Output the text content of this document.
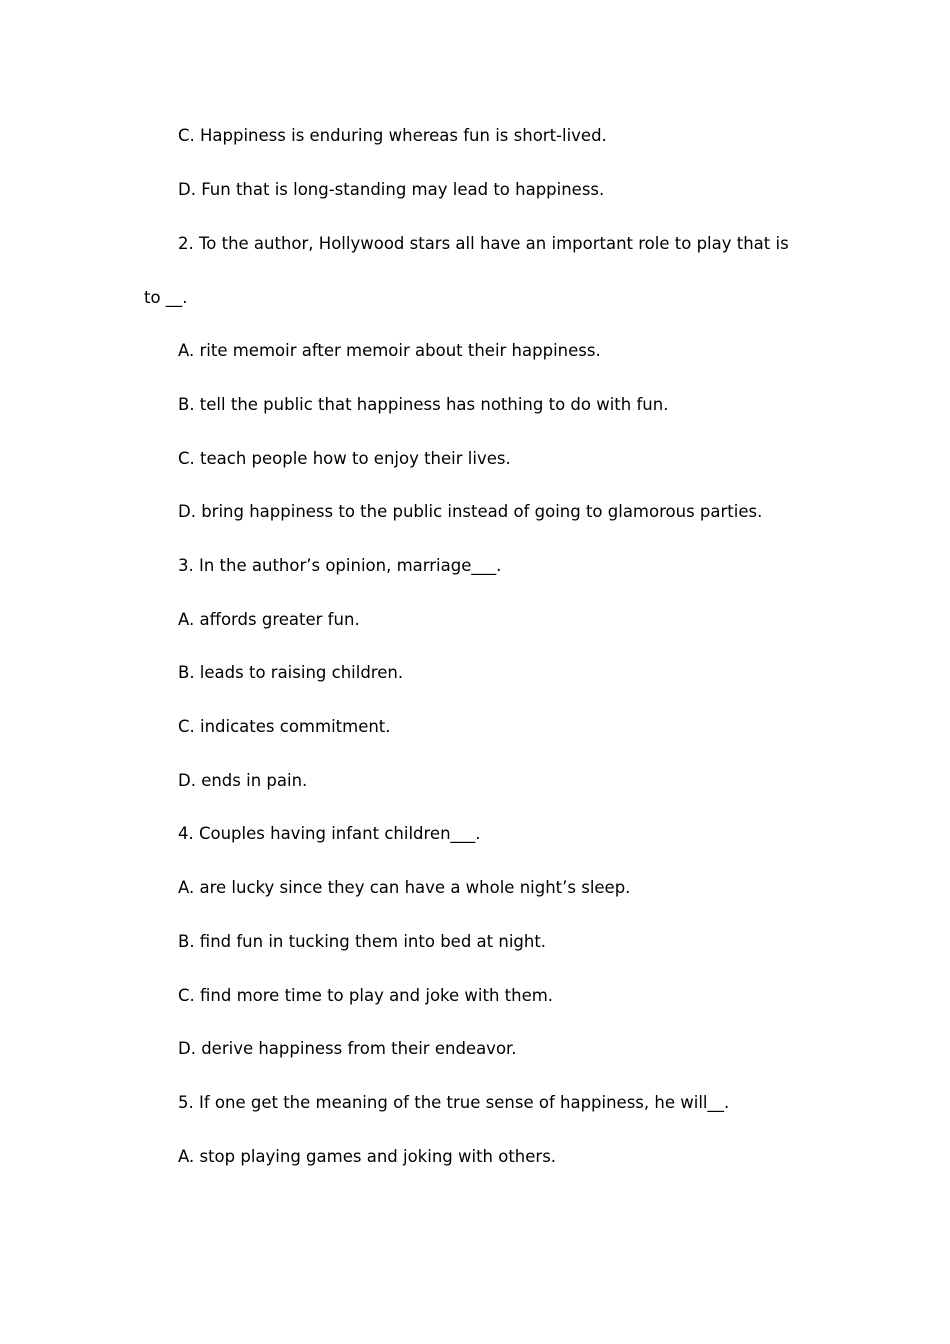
C. Happiness is enduring whereas fun is short-lived.
D. Fun that is long-standing may lead to happiness.
2. To the author, Hollywood stars all have an important role to play that is
to __.
A. rite memoir after memoir about their happiness.
B. tell the public that happiness has nothing to do with fun.
C. teach people how to enjoy their lives.
D. bring happiness to the public instead of going to glamorous parties.
3. In the author’s opinion, marriage___.
A. affords greater fun.
B. leads to raising children.
C. indicates commitment.
D. ends in pain.
4. Couples having infant children___.
A. are lucky since they can have a whole night’s sleep.
B. find fun in tucking them into bed at night.
C. find more time to play and joke with them.
D. derive happiness from their endeavor.
5. If one get the meaning of the true sense of happiness, he will__.
A. stop playing games and joking with others.
